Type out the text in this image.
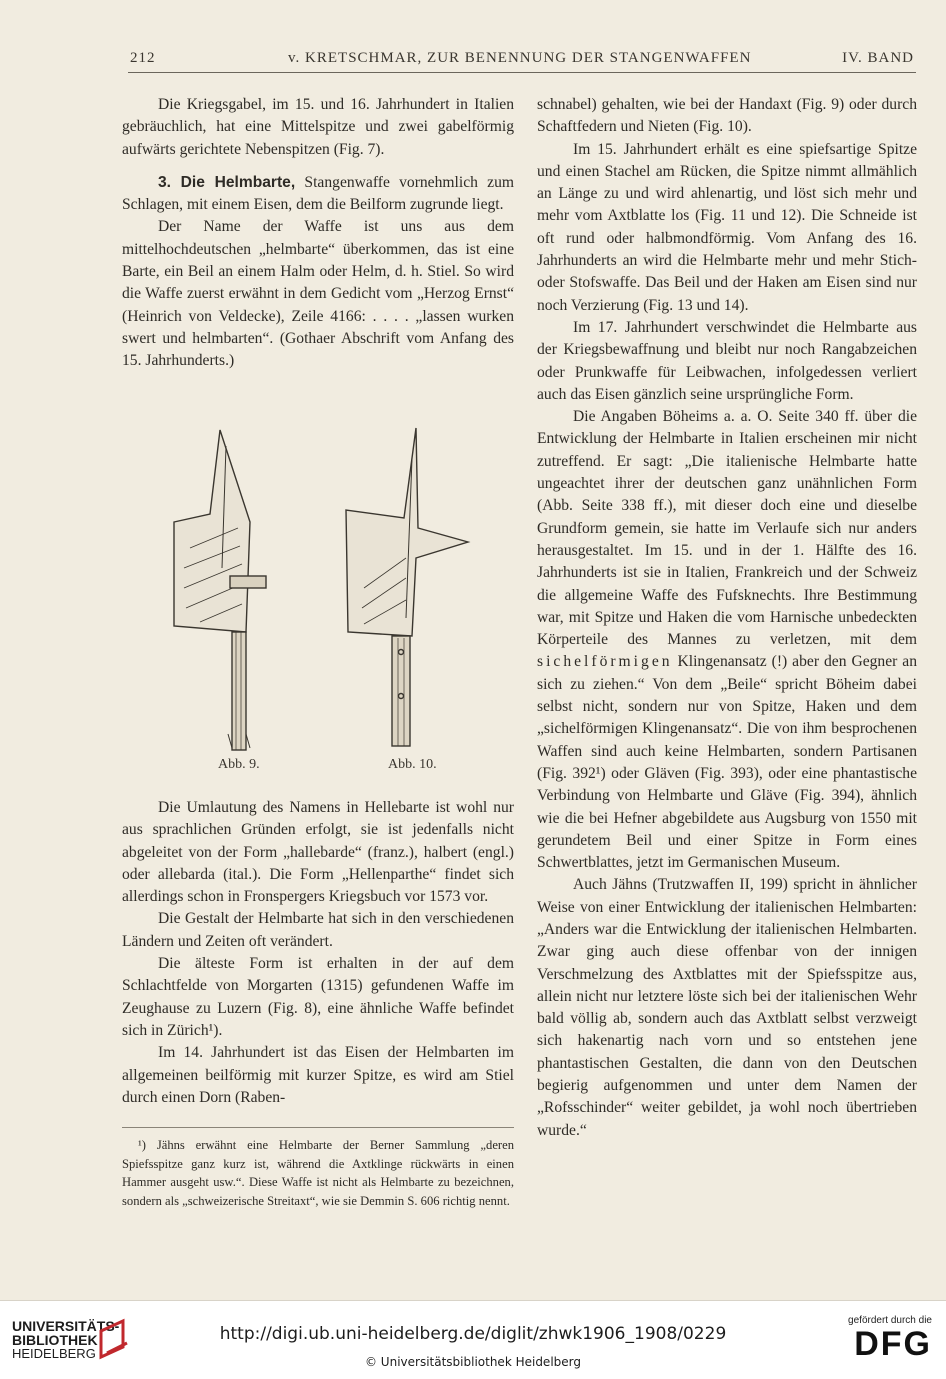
212	v. KRETSCHMAR, ZUR BENENNUNG DER STANGENWAFFEN	IV. BAND

Die Kriegsgabel, im 15. und 16. Jahrhundert in Italien gebräuchlich, hat eine Mittelspitze und zwei gabelförmig aufwärts gerichtete Nebenspitzen (Fig. 7).

3. Die Helmbarte, Stangenwaffe vornehmlich zum Schlagen, mit einem Eisen, dem die Beilform zugrunde liegt.

Der Name der Waffe ist uns aus dem mittelhochdeutschen „helmbarte“ überkommen, das ist eine Barte, ein Beil an einem Halm oder Helm, d. h. Stiel. So wird die Waffe zuerst erwähnt in dem Gedicht vom „Herzog Ernst“ (Heinrich von Veldecke), Zeile 4166: . . . . „lassen wurken swert und helmbarten“. (Gothaer Abschrift vom Anfang des 15. Jahrhunderts.)

Abb. 9.	Abb. 10.

Die Umlautung des Namens in Hellebarte ist wohl nur aus sprachlichen Gründen erfolgt, sie ist jedenfalls nicht abgeleitet von der Form „hallebarde“ (franz.), halbert (engl.) oder allebarda (ital.). Die Form „Hellenparthe“ findet sich allerdings schon in Fronspergers Kriegsbuch vor 1573 vor.

Die Gestalt der Helmbarte hat sich in den verschiedenen Ländern und Zeiten oft verändert.

Die älteste Form ist erhalten in der auf dem Schlachtfelde von Morgarten (1315) gefundenen Waffe im Zeughause zu Luzern (Fig. 8), eine ähnliche Waffe befindet sich in Zürich¹).

Im 14. Jahrhundert ist das Eisen der Helmbarten im allgemeinen beilförmig mit kurzer Spitze, es wird am Stiel durch einen Dorn (Raben-

¹) Jähns erwähnt eine Helmbarte der Berner Sammlung „deren Spiefsspitze ganz kurz ist, während die Axtklinge rückwärts in einen Hammer ausgeht usw.“. Diese Waffe ist nicht als Helmbarte zu bezeichnen, sondern als „schweizerische Streitaxt“, wie sie Demmin S. 606 richtig nennt.

schnabel) gehalten, wie bei der Handaxt (Fig. 9) oder durch Schaftfedern und Nieten (Fig. 10).

Im 15. Jahrhundert erhält es eine spiefsartige Spitze und einen Stachel am Rücken, die Spitze nimmt allmählich an Länge zu und wird ahlenartig, und löst sich mehr und mehr vom Axtblatte los (Fig. 11 und 12). Die Schneide ist oft rund oder halbmondförmig. Vom Anfang des 16. Jahrhunderts an wird die Helmbarte mehr und mehr Stich- oder Stofswaffe. Das Beil und der Haken am Eisen sind nur noch Verzierung (Fig. 13 und 14).

Im 17. Jahrhundert verschwindet die Helmbarte aus der Kriegsbewaffnung und bleibt nur noch Rangabzeichen oder Prunkwaffe für Leibwachen, infolgedessen verliert auch das Eisen gänzlich seine ursprüngliche Form.

Die Angaben Böheims a. a. O. Seite 340 ff. über die Entwicklung der Helmbarte in Italien erscheinen mir nicht zutreffend. Er sagt: „Die italienische Helmbarte hatte ungeachtet ihrer der deutschen ganz unähnlichen Form (Abb. Seite 338 ff.), mit dieser doch eine und dieselbe Grundform gemein, sie hatte im Verlaufe sich nur anders herausgestaltet. Im 15. und in der 1. Hälfte des 16. Jahrhunderts ist sie in Italien, Frankreich und der Schweiz die allgemeine Waffe des Fufsknechts. Ihre Bestimmung war, mit Spitze und Haken die vom Harnische unbedeckten Körperteile des Mannes zu verletzen, mit dem sichelförmigen Klingenansatz (!) aber den Gegner an sich zu ziehen.“ Von dem „Beile“ spricht Böheim dabei selbst nicht, sondern nur von Spitze, Haken und dem „sichelförmigen Klingenansatz“. Die von ihm besprochenen Waffen sind auch keine Helmbarten, sondern Partisanen (Fig. 392¹) oder Gläven (Fig. 393), oder eine phantastische Verbindung von Helmbarte und Gläve (Fig. 394), ähnlich wie die bei Hefner abgebildete aus Augsburg von 1550 mit gerundetem Beil und einer Spitze in Form eines Schwertblattes, jetzt im Germanischen Museum.

Auch Jähns (Trutzwaffen II, 199) spricht in ähnlicher Weise von einer Entwicklung der italienischen Helmbarten: „Anders war die Entwicklung der italienischen Helmbarten. Zwar ging auch diese offenbar von der innigen Verschmelzung des Axtblattes mit der Spiefsspitze aus, allein nicht nur letztere löste sich bei der italienischen Wehr bald völlig ab, sondern auch das Axtblatt selbst verzweigt sich hakenartig nach vorn und so entstehen jene phantastischen Gestalten, die dann von den Deutschen begierig aufgenommen und unter dem Namen der „Rofsschinder“ weiter gebildet, ja wohl noch übertrieben wurde.“

UNIVERSITÄTS-
BIBLIOTHEK
HEIDELBERG
http://digi.ub.uni-heidelberg.de/diglit/zhwk1906_1908/0229
© Universitätsbibliothek Heidelberg
gefördert durch die
DFG
